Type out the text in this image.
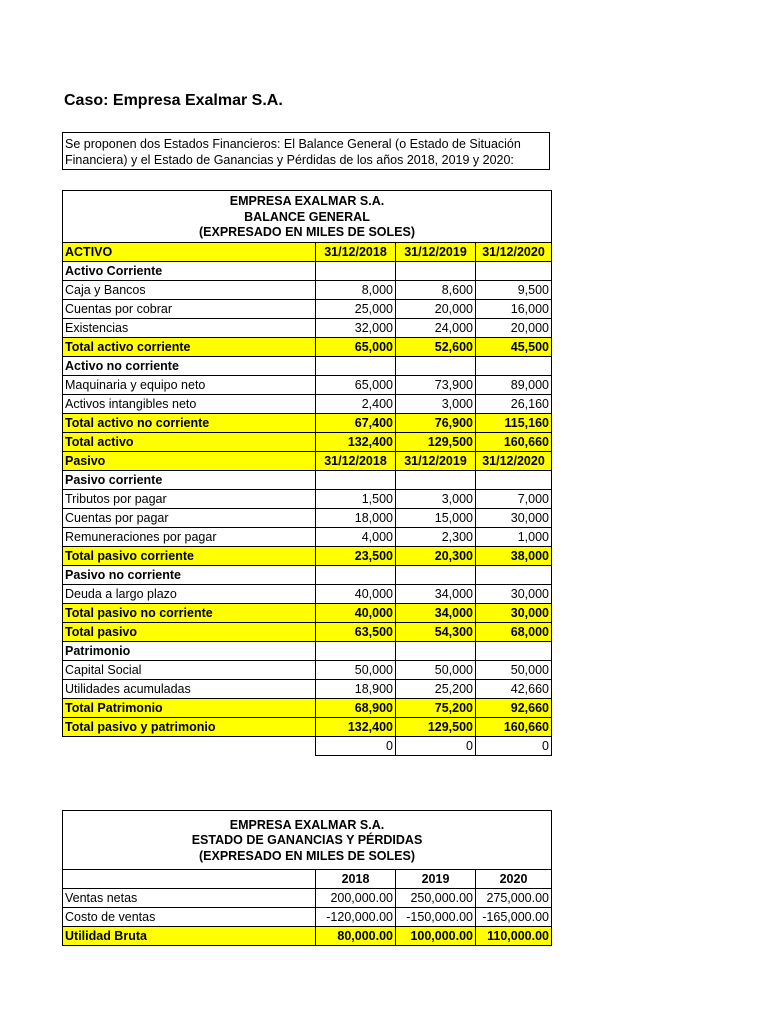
Caso: Empresa Exalmar S.A.
Se proponen dos Estados Financieros: El Balance General (o Estado de Situación
Financiera) y el Estado de Ganancias y Pérdidas de los años 2018, 2019 y 2020:
EMPRESA EXALMAR S.A.
BALANCE GENERAL
(EXPRESADO EN MILES DE SOLES)			

ACTIVO	31/12/2018	31/12/2019	31/12/2020
Activo Corriente			
Caja y Bancos	8,000	8,600	9,500
Cuentas por cobrar	25,000	20,000	16,000
Existencias	32,000	24,000	20,000
Total activo corriente	65,000	52,600	45,500
Activo no corriente			
Maquinaria y equipo neto	65,000	73,900	89,000
Activos intangibles neto	2,400	3,000	26,160
Total activo no corriente	67,400	76,900	115,160
Total activo	132,400	129,500	160,660
Pasivo	31/12/2018	31/12/2019	31/12/2020
Pasivo corriente			
Tributos por pagar	1,500	3,000	7,000
Cuentas por pagar	18,000	15,000	30,000
Remuneraciones por pagar	4,000	2,300	1,000
Total pasivo corriente	23,500	20,300	38,000
Pasivo no corriente			
Deuda a largo plazo	40,000	34,000	30,000
Total pasivo no corriente	40,000	34,000	30,000
Total pasivo	63,500	54,300	68,000
Patrimonio			
Capital Social	50,000	50,000	50,000
Utilidades acumuladas	18,900	25,200	42,660
Total Patrimonio	68,900	75,200	92,660
Total pasivo y patrimonio	132,400	129,500	160,660
	0	0	0
EMPRESA EXALMAR S.A.
ESTADO DE GANANCIAS Y PÉRDIDAS
(EXPRESADO EN MILES DE SOLES)			

	2018	2019	2020
Ventas netas	200,000.00	250,000.00	275,000.00
Costo de ventas	-120,000.00	-150,000.00	-165,000.00
Utilidad Bruta	80,000.00	100,000.00	110,000.00
